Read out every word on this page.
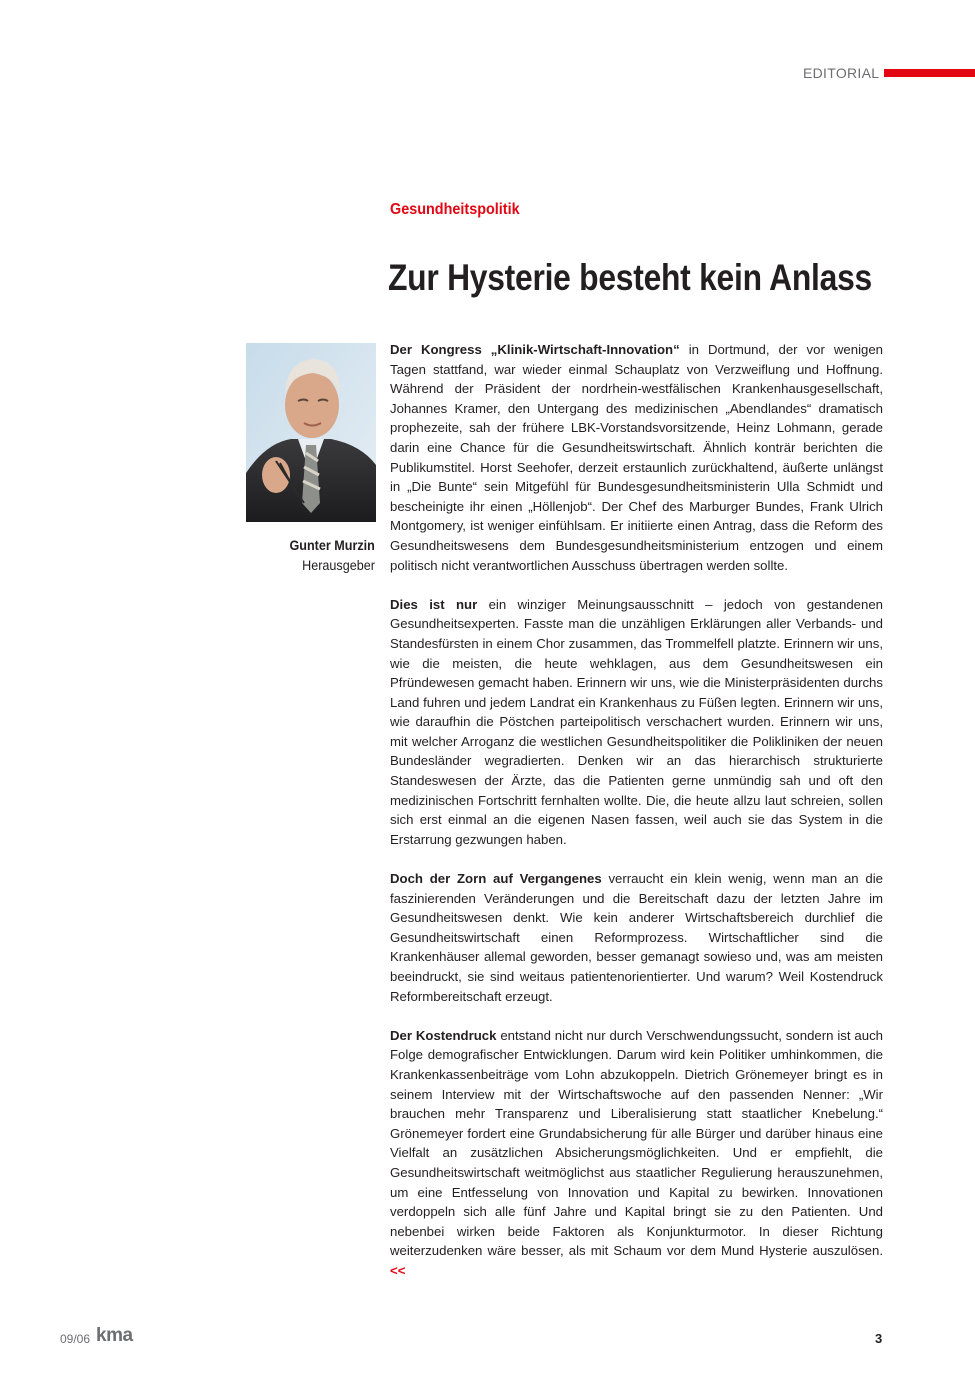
EDITORIAL
Gesundheitspolitik
Zur Hysterie besteht kein Anlass
Gunter Murzin
Herausgeber

Der Kongress „Klinik-Wirtschaft-Innovation“ in Dortmund, der vor wenigen Tagen stattfand, war wieder einmal Schauplatz von Verzweiflung und Hoffnung. Während der Präsident der nordrhein-westfälischen Krankenhausgesellschaft, Johannes Kramer, den Untergang des medizinischen „Abendlandes“ dramatisch prophezeite, sah der frühere LBK-Vorstandsvorsitzende, Heinz Lohmann, gerade darin eine Chance für die Gesundheitswirtschaft. Ähnlich konträr berichten die Publikumstitel. Horst Seehofer, derzeit erstaunlich zurückhaltend, äußerte unlängst in „Die Bunte“ sein Mitgefühl für Bundesgesundheitsministerin Ulla Schmidt und bescheinigte ihr einen „Höllenjob“. Der Chef des Marburger Bundes, Frank Ulrich Montgomery, ist weniger einfühlsam. Er initiierte einen Antrag, dass die Reform des Gesundheitswesens dem Bundesgesundheitsministerium entzogen und einem politisch nicht verantwortlichen Ausschuss übertragen werden sollte.

Dies ist nur ein winziger Meinungsausschnitt – jedoch von gestandenen Gesundheitsexperten. Fasste man die unzähligen Erklärungen aller Verbands- und Standesfürsten in einem Chor zusammen, das Trommelfell platzte. Erinnern wir uns, wie die meisten, die heute wehklagen, aus dem Gesundheitswesen ein Pfründewesen gemacht haben. Erinnern wir uns, wie die Ministerpräsidenten durchs Land fuhren und jedem Landrat ein Krankenhaus zu Füßen legten. Erinnern wir uns, wie daraufhin die Pöstchen parteipolitisch verschachert wurden. Erinnern wir uns, mit welcher Arroganz die westlichen Gesundheitspolitiker die Polikliniken der neuen Bundesländer wegradierten. Denken wir an das hierarchisch strukturierte Standeswesen der Ärzte, das die Patienten gerne unmündig sah und oft den medizinischen Fortschritt fernhalten wollte. Die, die heute allzu laut schreien, sollen sich erst einmal an die eigenen Nasen fassen, weil auch sie das System in die Erstarrung gezwungen haben.

Doch der Zorn auf Vergangenes verraucht ein klein wenig, wenn man an die faszinierenden Veränderungen und die Bereitschaft dazu der letzten Jahre im Gesundheitswesen denkt. Wie kein anderer Wirtschaftsbereich durchlief die Gesundheitswirtschaft einen Reformprozess. Wirtschaftlicher sind die Krankenhäuser allemal geworden, besser gemanagt sowieso und, was am meisten beeindruckt, sie sind weitaus patientenorientierter. Und warum? Weil Kostendruck Reformbereitschaft erzeugt.

Der Kostendruck entstand nicht nur durch Verschwendungssucht, sondern ist auch Folge demografischer Entwicklungen. Darum wird kein Politiker umhinkommen, die Krankenkassenbeiträge vom Lohn abzukoppeln. Dietrich Grönemeyer bringt es in seinem Interview mit der Wirtschaftswoche auf den passenden Nenner: „Wir brauchen mehr Transparenz und Liberalisierung statt staatlicher Knebelung.“ Grönemeyer fordert eine Grundabsicherung für alle Bürger und darüber hinaus eine Vielfalt an zusätzlichen Absicherungsmöglichkeiten. Und er empfiehlt, die Gesundheitswirtschaft weitmöglichst aus staatlicher Regulierung herauszunehmen, um eine Entfesselung von Innovation und Kapital zu bewirken. Innovationen verdoppeln sich alle fünf Jahre und Kapital bringt sie zu den Patienten. Und nebenbei wirken beide Faktoren als Konjunkturmotor. In dieser Richtung weiterzudenken wäre besser, als mit Schaum vor dem Mund Hysterie auszulösen. <<

09/06 kma	3
